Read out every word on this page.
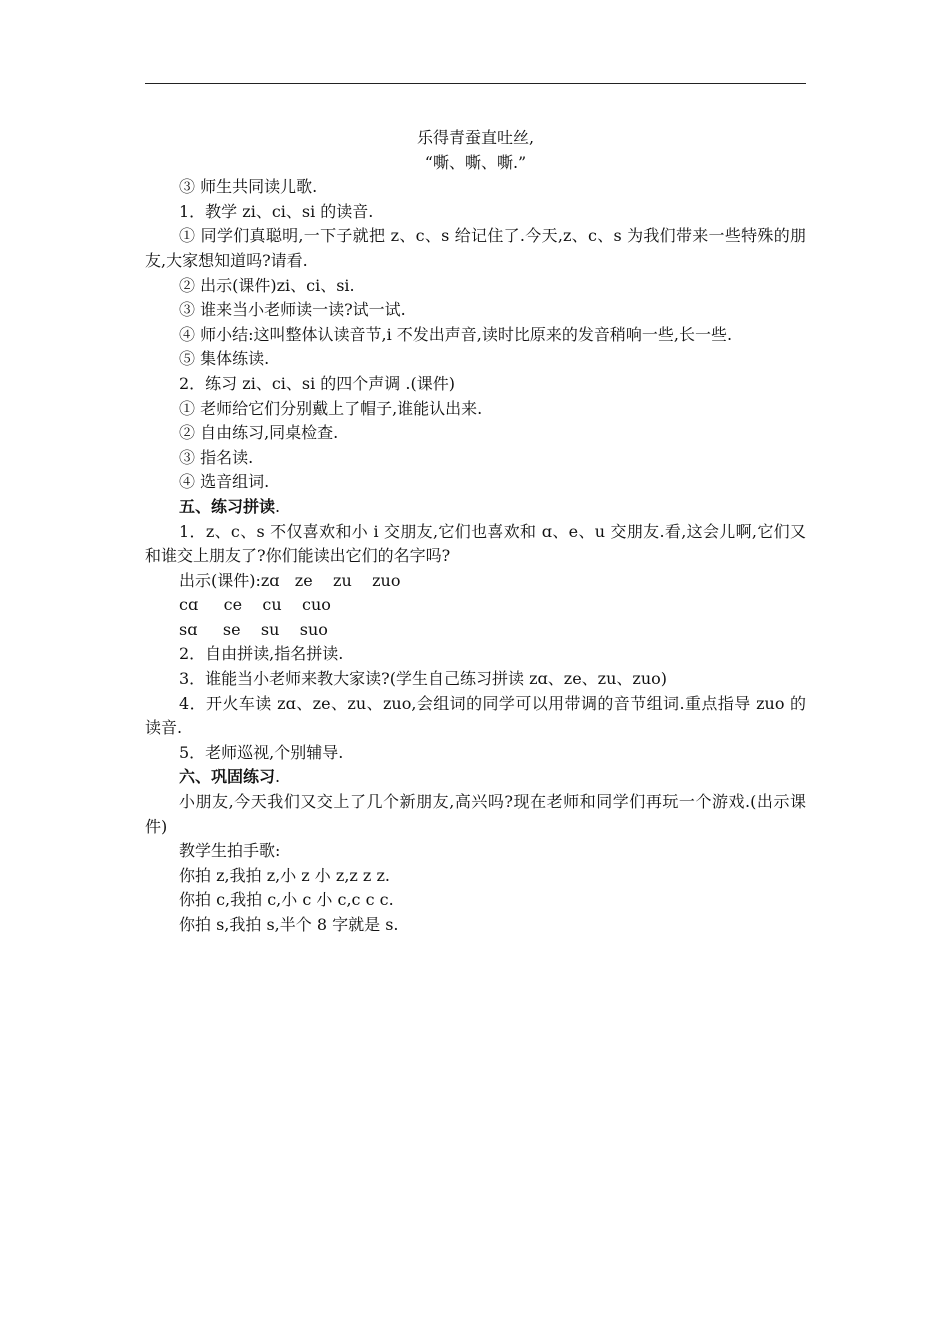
乐得青蚕直吐丝,
“嘶、嘶、嘶.”
③ 师生共同读儿歌.
1．教学 zi、ci、si 的读音.
① 同学们真聪明,一下子就把 z、c、s 给记住了.今天,z、c、s 为我们带来一些特殊的朋友,大家想知道吗?请看.
② 出示(课件)zi、ci、si.
③ 谁来当小老师读一读?试一试.
④ 师小结:这叫整体认读音节,i 不发出声音,读时比原来的发音稍响一些,长一些.
⑤ 集体练读.
2．练习 zi、ci、si 的四个声调 .(课件)
① 老师给它们分别戴上了帽子,谁能认出来.
② 自由练习,同桌检查.
③ 指名读.
④ 选音组词.
五、练习拼读.
1．z、c、s 不仅喜欢和小 i 交朋友,它们也喜欢和 ɑ、e、u 交朋友.看,这会儿啊,它们又和谁交上朋友了?你们能读出它们的名字吗?
出示(课件):zɑ   ze    zu    zuo
cɑ     ce    cu    cuo
sɑ     se    su    suo
2．自由拼读,指名拼读.
3．谁能当小老师来教大家读?(学生自己练习拼读 zɑ、ze、zu、zuo)
4．开火车读 zɑ、ze、zu、zuo,会组词的同学可以用带调的音节组词.重点指导 zuo 的读音.
5．老师巡视,个别辅导.
六、巩固练习.
小朋友,今天我们又交上了几个新朋友,高兴吗?现在老师和同学们再玩一个游戏.(出示课件)
教学生拍手歌:
你拍 z,我拍 z,小 z 小 z,z z z.
你拍 c,我拍 c,小 c 小 c,c c c.
你拍 s,我拍 s,半个 8 字就是 s.
